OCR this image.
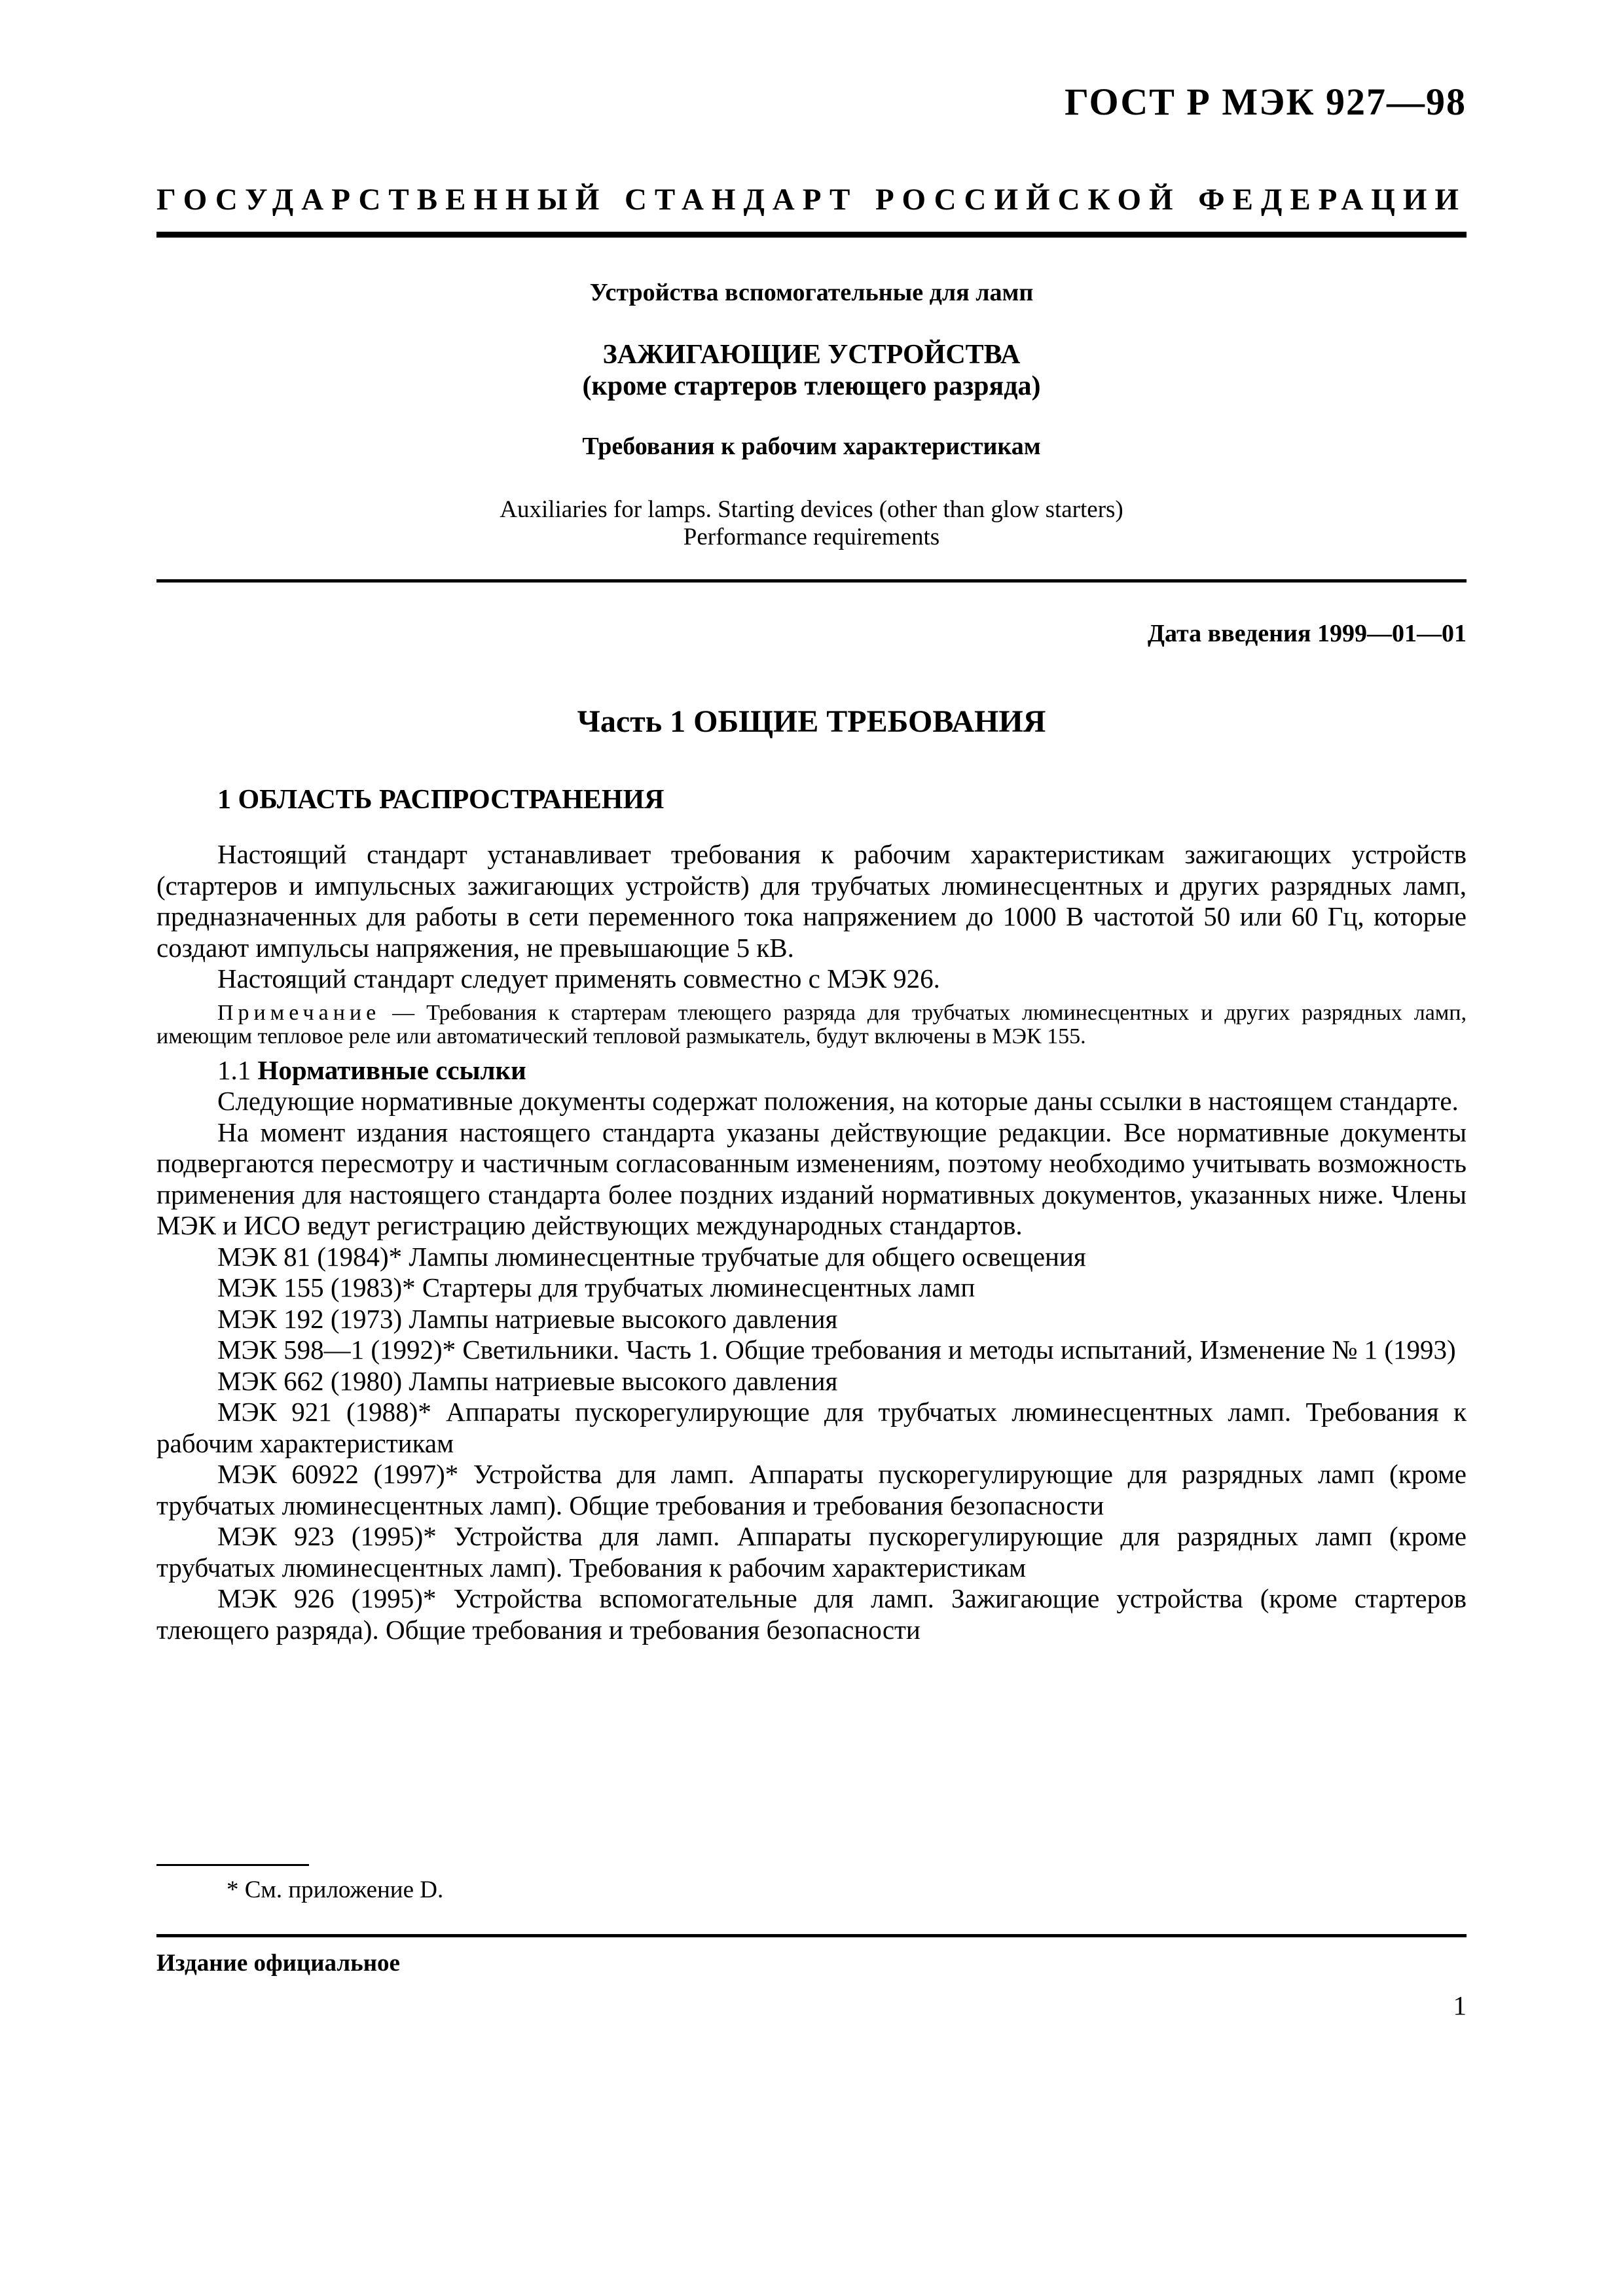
ГОСТ Р МЭК 927—98
ГОСУДАРСТВЕННЫЙ СТАНДАРТ РОССИЙСКОЙ ФЕДЕРАЦИИ
Устройства вспомогательные для ламп
ЗАЖИГАЮЩИЕ УСТРОЙСТВА
(кроме стартеров тлеющего разряда)
Требования к рабочим характеристикам
Auxiliaries for lamps. Starting devices (other than glow starters)
Performance requirements
Дата введения 1999—01—01
Часть 1 ОБЩИЕ ТРЕБОВАНИЯ
1 ОБЛАСТЬ РАСПРОСТРАНЕНИЯ

Настоящий стандарт устанавливает требования к рабочим характеристикам зажигающих устройств (стартеров и импульсных зажигающих устройств) для трубчатых люминесцентных и других разрядных ламп, предназначенных для работы в сети переменного тока напряжением до 1000 В частотой 50 или 60 Гц, которые создают импульсы напряжения, не превышающие 5 кВ.

Настоящий стандарт следует применять совместно с МЭК 926.

Примечание — Требования к стартерам тлеющего разряда для трубчатых люминесцентных и других разрядных ламп, имеющим тепловое реле или автоматический тепловой размыкатель, будут включены в МЭК 155.

1.1 Нормативные ссылки

Следующие нормативные документы содержат положения, на которые даны ссылки в настоящем стандарте.

На момент издания настоящего стандарта указаны действующие редакции. Все нормативные документы подвергаются пересмотру и частичным согласованным изменениям, поэтому необходимо учитывать возможность применения для настоящего стандарта более поздних изданий нормативных документов, указанных ниже. Члены МЭК и ИСО ведут регистрацию действующих международных стандартов.

МЭК 81 (1984)* Лампы люминесцентные трубчатые для общего освещения

МЭК 155 (1983)* Стартеры для трубчатых люминесцентных ламп

МЭК 192 (1973) Лампы натриевые высокого давления

МЭК 598—1 (1992)* Светильники. Часть 1. Общие требования и методы испытаний, Изменение № 1 (1993)

МЭК 662 (1980) Лампы натриевые высокого давления

МЭК 921 (1988)* Аппараты пускорегулирующие для трубчатых люминесцентных ламп. Требования к рабочим характеристикам

МЭК 60922 (1997)* Устройства для ламп. Аппараты пускорегулирующие для разрядных ламп (кроме трубчатых люминесцентных ламп). Общие требования и требования безопасности

МЭК 923 (1995)* Устройства для ламп. Аппараты пускорегулирующие для разрядных ламп (кроме трубчатых люминесцентных ламп). Требования к рабочим характеристикам

МЭК 926 (1995)* Устройства вспомогательные для ламп. Зажигающие устройства (кроме стартеров тлеющего разряда). Общие требования и требования безопасности

* См. приложение D.
Издание официальное
1
